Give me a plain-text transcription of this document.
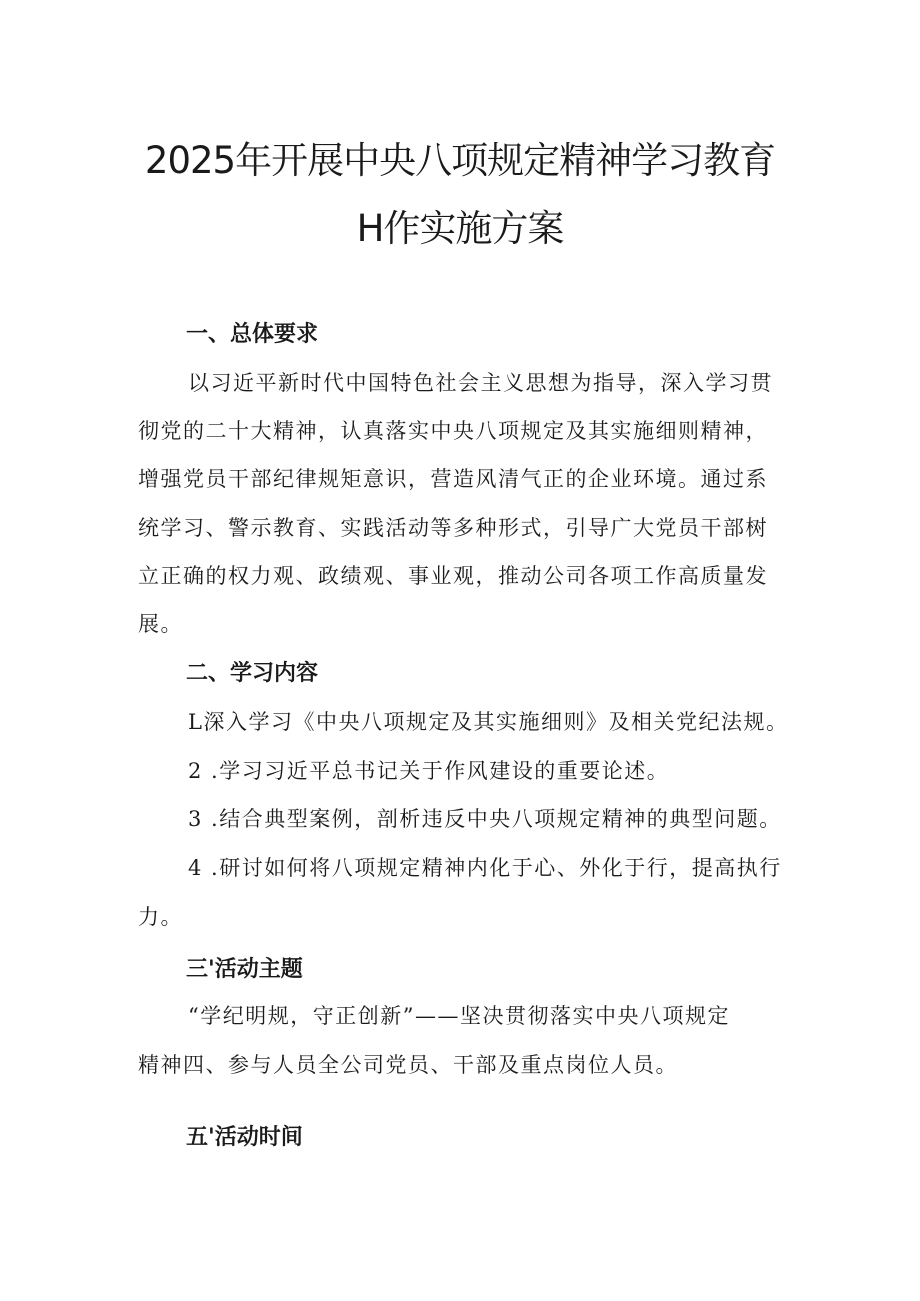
2025年开展中央八项规定精神学习教育
H作实施方案
一、总体要求

以习近平新时代中国特色社会主义思想为指导，深入学习贯

彻党的二十大精神，认真落实中央八项规定及其实施细则精神，

增强党员干部纪律规矩意识，营造风清气正的企业环境。通过系

统学习、警示教育、实践活动等多种形式，引导广大党员干部树

立正确的权力观、政绩观、事业观，推动公司各项工作高质量发

展。

二、学习内容

L深入学习《中央八项规定及其实施细则》及相关党纪法规。

2 .学习习近平总书记关于作风建设的重要论述。

3 .结合典型案例，剖析违反中央八项规定精神的典型问题。

4 .研讨如何将八项规定精神内化于心、外化于行，提高执行

力。

三'活动主题

“学纪明规，守正创新”——坚决贯彻落实中央八项规定

精神四、参与人员全公司党员、干部及重点岗位人员。

五'活动时间
